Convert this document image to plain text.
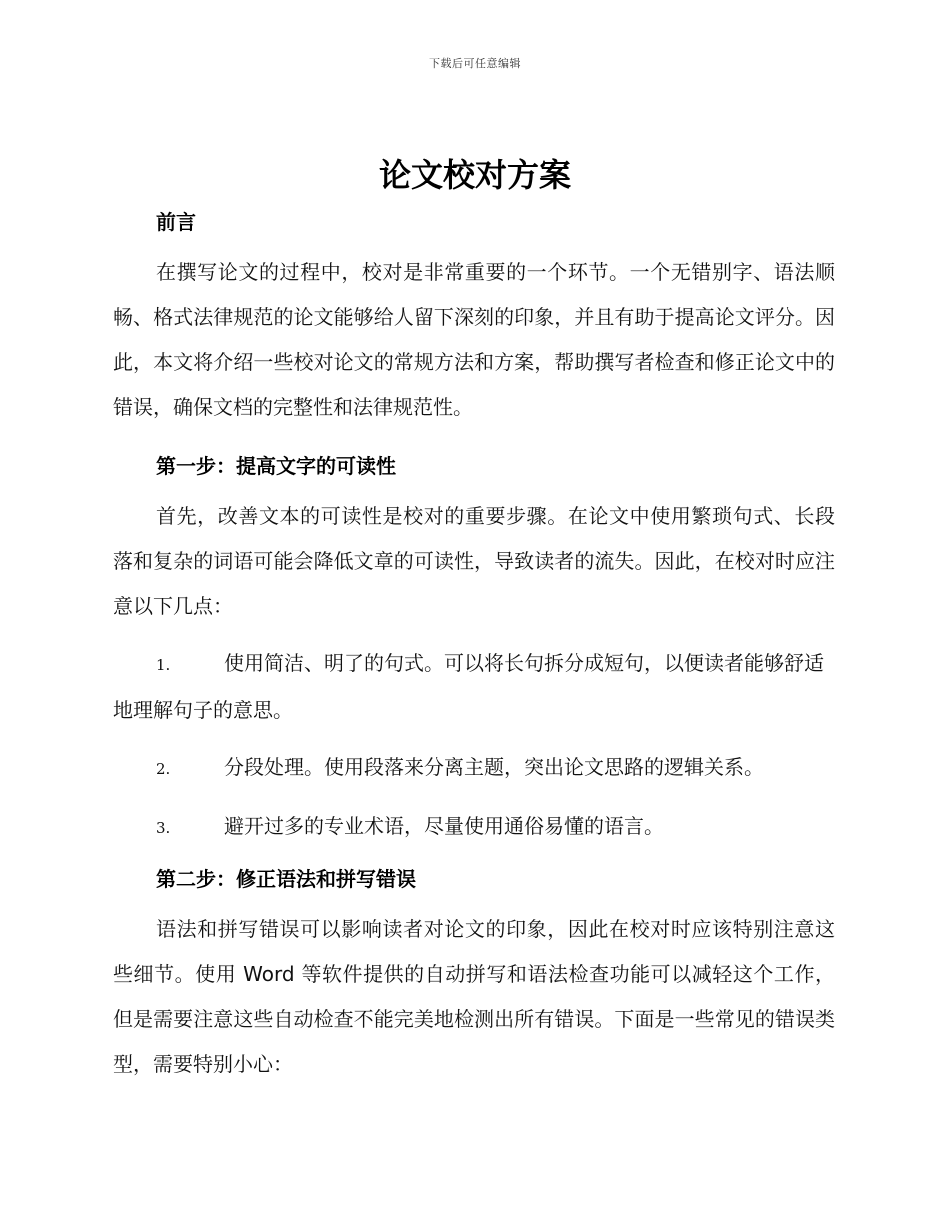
下载后可任意编辑
论文校对方案
前言

在撰写论文的过程中，校对是非常重要的一个环节。一个无错别字、语法顺畅、格式法律规范的论文能够给人留下深刻的印象，并且有助于提高论文评分。因此，本文将介绍一些校对论文的常规方法和方案，帮助撰写者检查和修正论文中的错误，确保文档的完整性和法律规范性。

第一步：提高文字的可读性

首先，改善文本的可读性是校对的重要步骤。在论文中使用繁琐句式、长段落和复杂的词语可能会降低文章的可读性，导致读者的流失。因此，在校对时应注意以下几点：

1.	使用简洁、明了的句式。可以将长句拆分成短句，以便读者能够舒适地理解句子的意思。

2.	分段处理。使用段落来分离主题，突出论文思路的逻辑关系。

3.	避开过多的专业术语，尽量使用通俗易懂的语言。

第二步：修正语法和拼写错误

语法和拼写错误可以影响读者对论文的印象，因此在校对时应该特别注意这些细节。使用 Word 等软件提供的自动拼写和语法检查功能可以减轻这个工作，但是需要注意这些自动检查不能完美地检测出所有错误。下面是一些常见的错误类型，需要特别小心：
